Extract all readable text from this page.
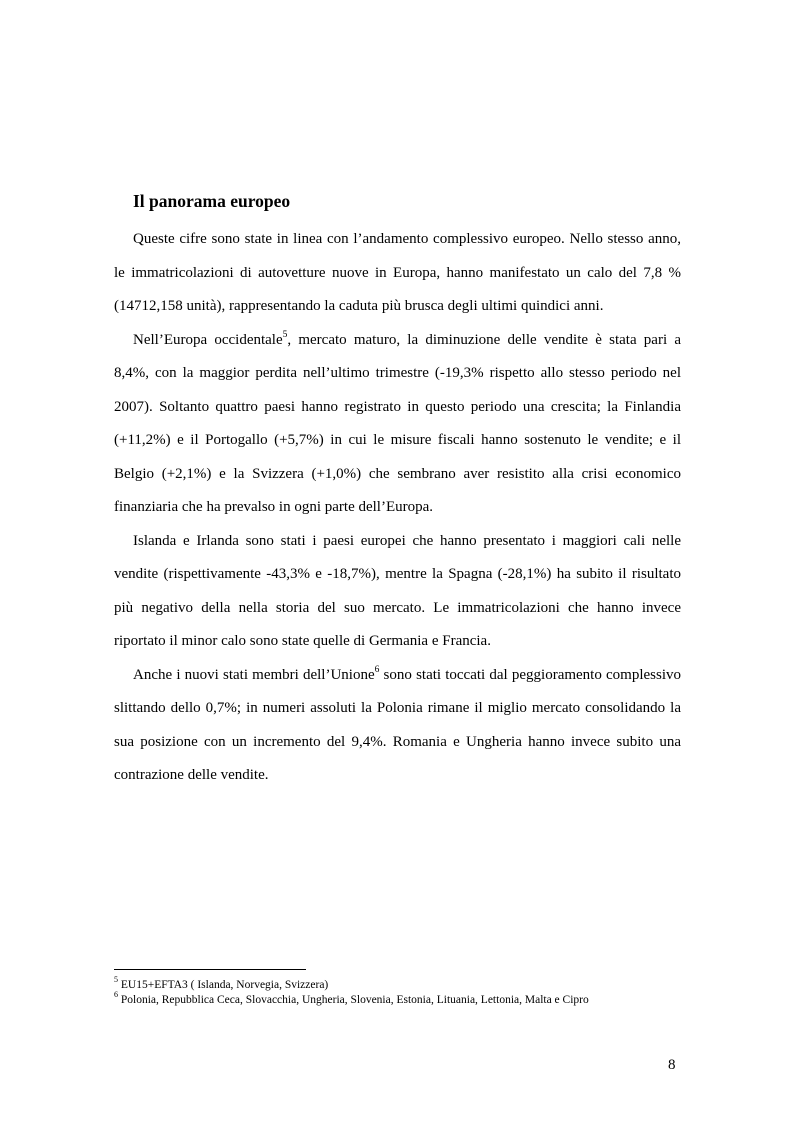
Il panorama europeo

Queste cifre sono state in linea con l’andamento complessivo europeo. Nello stesso anno, le immatricolazioni di autovetture nuove in Europa, hanno manifestato un calo del 7,8 % (14712,158 unità), rappresentando la caduta più brusca degli ultimi quindici anni.

Nell’Europa occidentale$^5$, mercato maturo, la diminuzione delle vendite è stata pari a 8,4%, con la maggior perdita nell’ultimo trimestre (-19,3% rispetto allo stesso periodo nel 2007). Soltanto quattro paesi hanno registrato in questo periodo una crescita; la Finlandia (+11,2%) e il Portogallo (+5,7%) in cui le misure fiscali hanno sostenuto le vendite; e il Belgio (+2,1%) e la Svizzera (+1,0%) che sembrano aver resistito alla crisi economico finanziaria che ha prevalso in ogni parte dell’Europa.

Islanda e Irlanda sono stati i paesi europei che hanno presentato i maggiori cali nelle vendite (rispettivamente -43,3% e -18,7%), mentre la Spagna (-28,1%) ha subito il risultato più negativo della nella storia del suo mercato. Le immatricolazioni che hanno invece riportato il minor calo sono state quelle di Germania e Francia.

Anche i nuovi stati membri dell’Unione$^6$ sono stati toccati dal peggioramento complessivo slittando dello 0,7%; in numeri assoluti la Polonia rimane il miglio mercato consolidando la sua posizione con un incremento del 9,4%. Romania e Ungheria hanno invece subito una contrazione delle vendite.

$^5$ EU15+EFTA3 ( Islanda, Norvegia, Svizzera)

$^6$ Polonia, Repubblica Ceca, Slovacchia, Ungheria, Slovenia, Estonia, Lituania, Lettonia, Malta e Cipro

8
